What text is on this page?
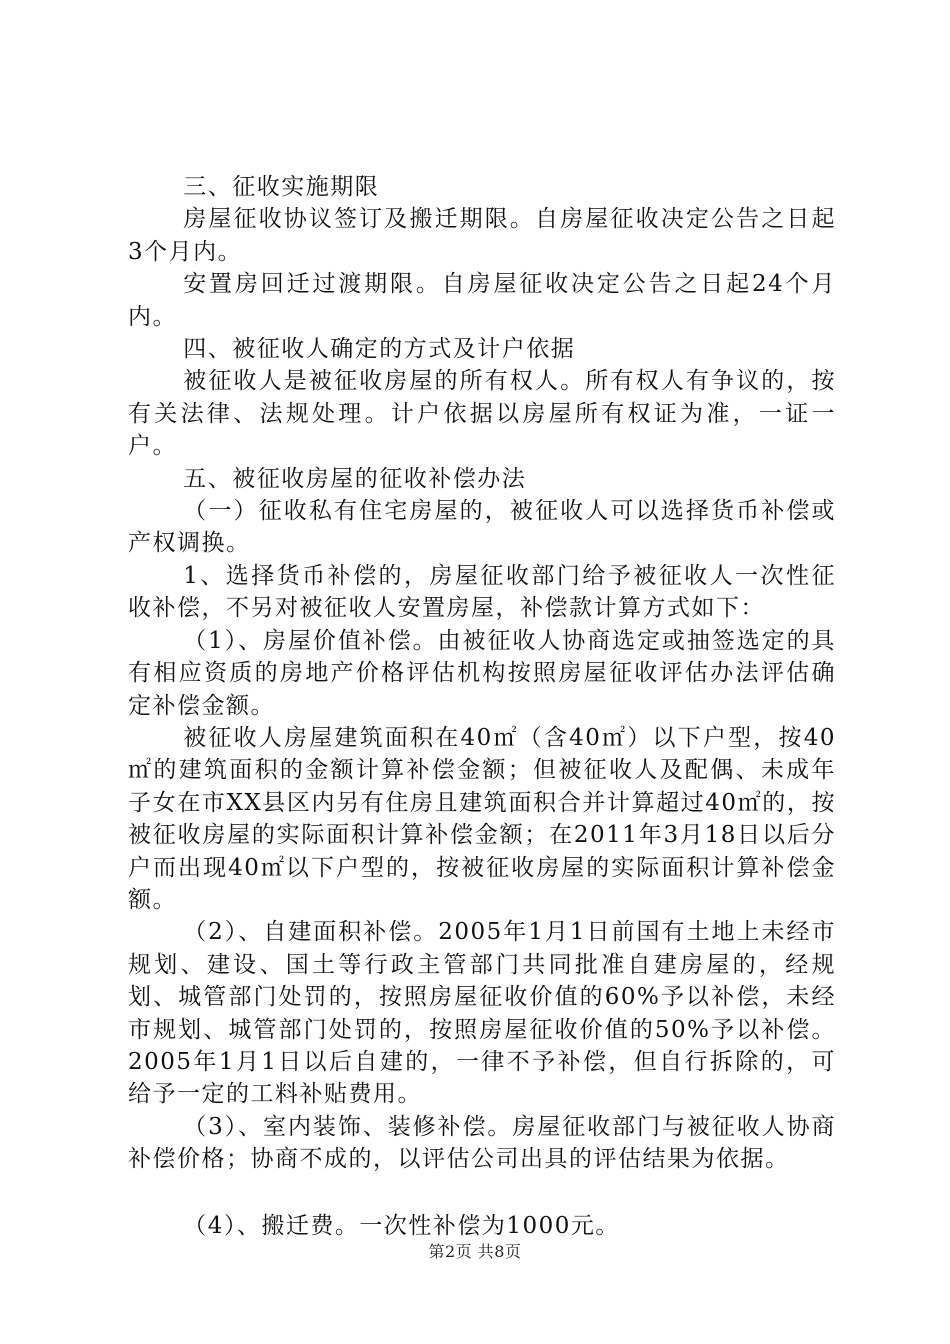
三、征收实施期限

房屋征收协议签订及搬迁期限。自房屋征收决定公告之日起3个月内。

安置房回迁过渡期限。自房屋征收决定公告之日起24个月内。

四、被征收人确定的方式及计户依据

被征收人是被征收房屋的所有权人。所有权人有争议的，按有关法律、法规处理。计户依据以房屋所有权证为准，一证一户。

五、被征收房屋的征收补偿办法

（一）征收私有住宅房屋的，被征收人可以选择货币补偿或产权调换。

1、选择货币补偿的，房屋征收部门给予被征收人一次性征收补偿，不另对被征收人安置房屋，补偿款计算方式如下：

（1）、房屋价值补偿。由被征收人协商选定或抽签选定的具有相应资质的房地产价格评估机构按照房屋征收评估办法评估确定补偿金额。

被征收人房屋建筑面积在40㎡（含40㎡）以下户型，按40㎡的建筑面积的金额计算补偿金额；但被征收人及配偶、未成年子女在市XX县区内另有住房且建筑面积合并计算超过40㎡的，按被征收房屋的实际面积计算补偿金额；在2011年3月18日以后分户而出现40㎡以下户型的，按被征收房屋的实际面积计算补偿金额。

（2）、自建面积补偿。2005年1月1日前国有土地上未经市规划、建设、国土等行政主管部门共同批准自建房屋的，经规划、城管部门处罚的，按照房屋征收价值的60%予以补偿，未经市规划、城管部门处罚的，按照房屋征收价值的50%予以补偿。2005年1月1日以后自建的，一律不予补偿，但自行拆除的，可给予一定的工料补贴费用。

（3）、室内装饰、装修补偿。房屋征收部门与被征收人协商补偿价格；协商不成的，以评估公司出具的评估结果为依据。

（4）、搬迁费。一次性补偿为1000元。

第2页 共8页
